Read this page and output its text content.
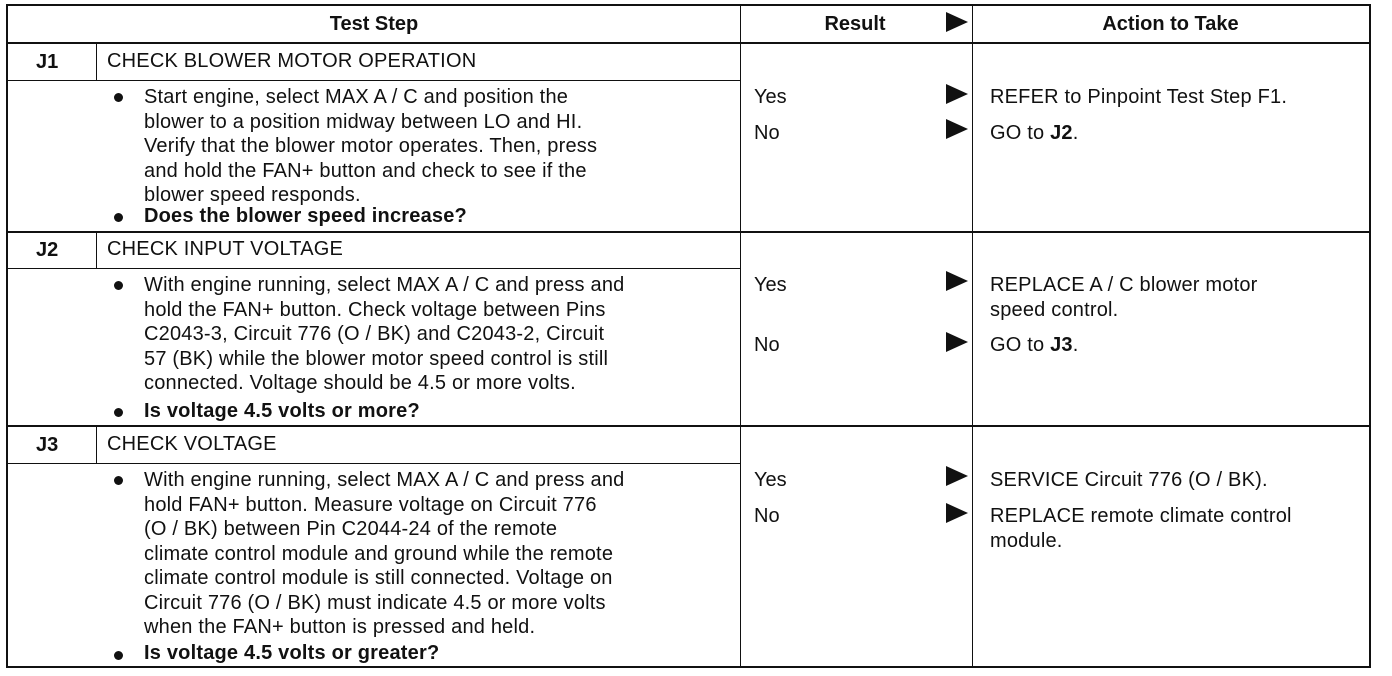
Test Step	Result	Action to Take
J1 CHECK BLOWER MOTOR OPERATION
Start engine, select MAX A / C and position the
blower to a position midway between LO and HI.
Verify that the blower motor operates. Then, press
and hold the FAN+ button and check to see if the
blower speed responds.
Does the blower speed increase?
Yes	REFER to Pinpoint Test Step F1.
No	GO to J2.
J2 CHECK INPUT VOLTAGE
With engine running, select MAX A / C and press and
hold the FAN+ button. Check voltage between Pins
C2043-3, Circuit 776 (O / BK) and C2043-2, Circuit
57 (BK) while the blower motor speed control is still
connected. Voltage should be 4.5 or more volts.
Is voltage 4.5 volts or more?
Yes	REPLACE A / C blower motor
speed control.
No	GO to J3.
J3 CHECK VOLTAGE
With engine running, select MAX A / C and press and
hold FAN+ button. Measure voltage on Circuit 776
(O / BK) between Pin C2044-24 of the remote
climate control module and ground while the remote
climate control module is still connected. Voltage on
Circuit 776 (O / BK) must indicate 4.5 or more volts
when the FAN+ button is pressed and held.
Is voltage 4.5 volts or greater?
Yes	SERVICE Circuit 776 (O / BK).
No	REPLACE remote climate control
module.
